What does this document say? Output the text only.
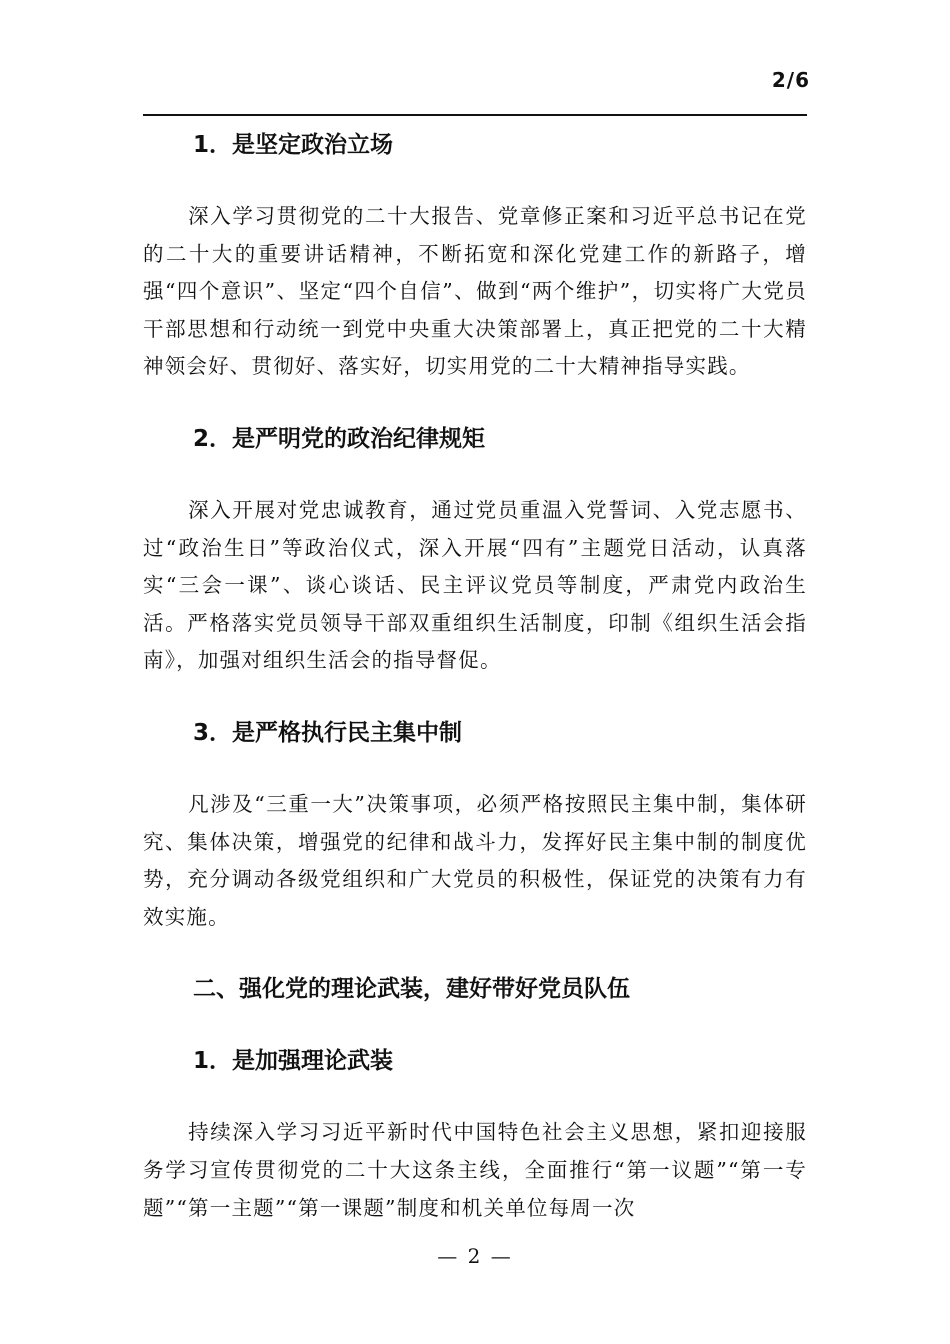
2/6
1．是坚定政治立场

深入学习贯彻党的二十大报告、党章修正案和习近平总书记在党的二十大的重要讲话精神，不断拓宽和深化党建工作的新路子，增强“四个意识”、坚定“四个自信”、做到“两个维护”，切实将广大党员干部思想和行动统一到党中央重大决策部署上，真正把党的二十大精神领会好、贯彻好、落实好，切实用党的二十大精神指导实践。

2．是严明党的政治纪律规矩

深入开展对党忠诚教育，通过党员重温入党誓词、入党志愿书、过“政治生日”等政治仪式，深入开展“四有”主题党日活动，认真落实“三会一课”、谈心谈话、民主评议党员等制度，严肃党内政治生活。严格落实党员领导干部双重组织生活制度，印制《组织生活会指南》，加强对组织生活会的指导督促。

3．是严格执行民主集中制

凡涉及“三重一大”决策事项，必须严格按照民主集中制，集体研究、集体决策，增强党的纪律和战斗力，发挥好民主集中制的制度优势，充分调动各级党组织和广大党员的积极性，保证党的决策有力有效实施。

二、强化党的理论武装，建好带好党员队伍
1．是加强理论武装

持续深入学习习近平新时代中国特色社会主义思想，紧扣迎接服务学习宣传贯彻党的二十大这条主线，全面推行“第一议题”“第一专题”“第一主题”“第一课题”制度和机关单位每周一次

— 2 —
